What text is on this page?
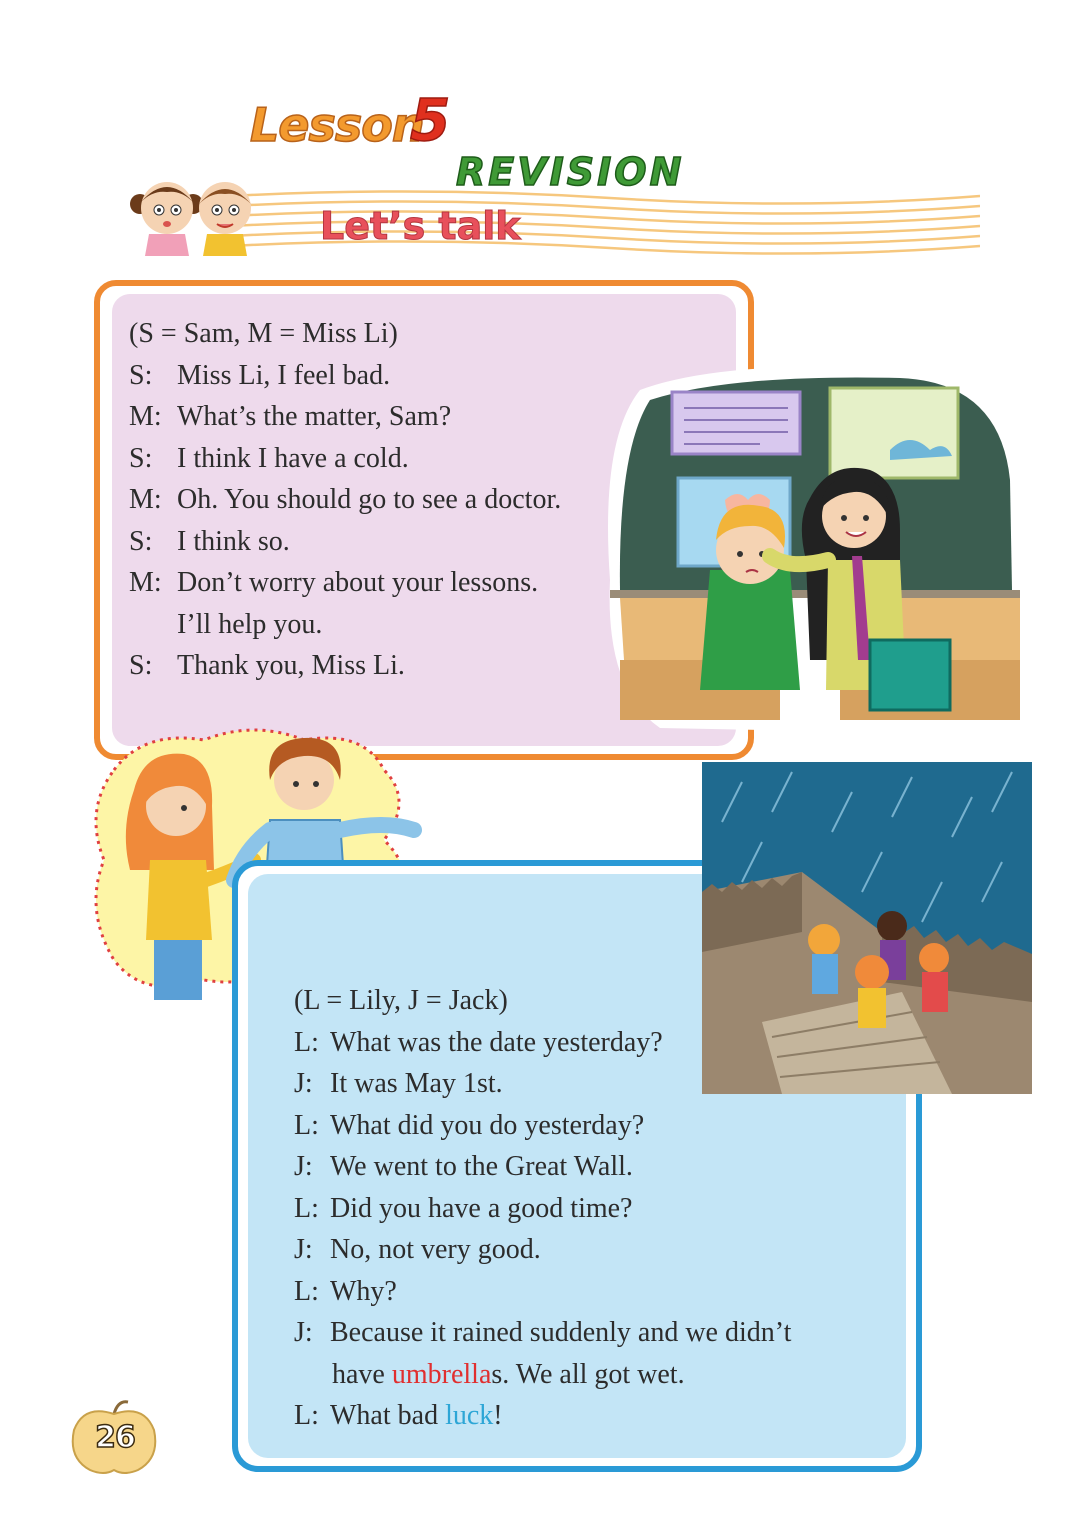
Lesson
5
REVISION
Let’s talk
(S = Sam, M = Miss Li)
S: Miss Li, I feel bad.
M: What’s the matter, Sam?
S: I think I have a cold.
M: Oh. You should go to see a doctor.
S: I think so.
M: Don’t worry about your lessons.
I’ll help you.
S: Thank you, Miss Li.
(L = Lily, J = Jack)
L: What was the date yesterday?
J: It was May 1st.
L: What did you do yesterday?
J: We went to the Great Wall.
L: Did you have a good time?
J: No, not very good.
L: Why?
J: Because it rained suddenly and we didn’t
have umbrellas. We all got wet.
L: What bad luck!
26
